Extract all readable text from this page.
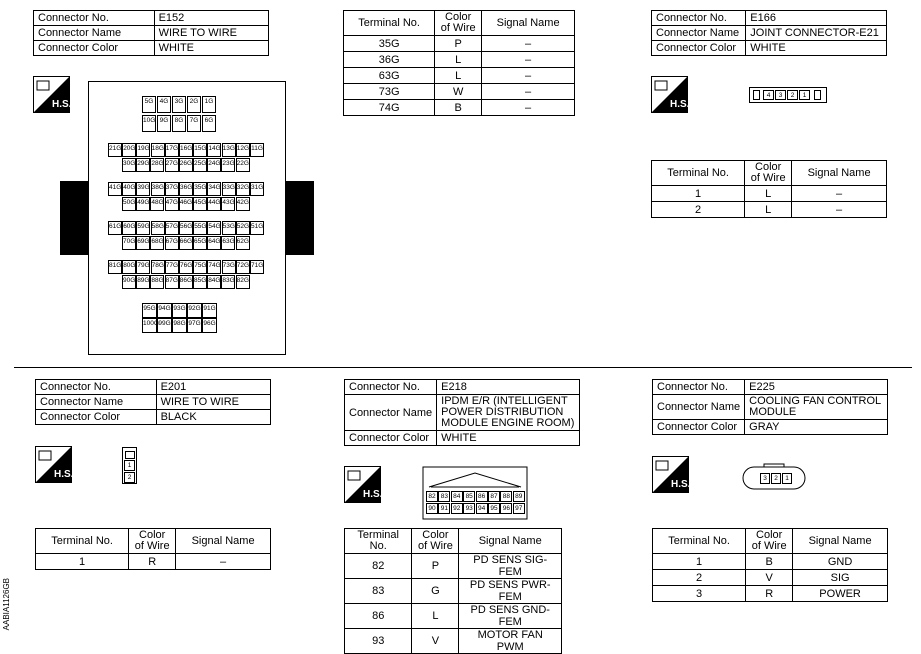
Connector No.	E152
Connector Name	WIRE TO WIRE
Connector Color	WHITE
H.S.	5G 4G 3G 2G 1G
10G 9G 8G 7G 6G
21G 20G 19G 18G 17G 16G 15G 14G 13G 12G 11G
30G 29G 28G 27G 26G 25G 24G 23G 22G
41G 40G 39G 38G 37G 36G 35G 34G 33G 32G 31G
50G 49G 48G 47G 46G 45G 44G 43G 42G
61G 60G 59G 58G 57G 56G 55G 54G 53G 52G 51G
70G 69G 68G 67G 66G 65G 64G 63G 62G
81G 80G 79G 78G 77G 76G 75G 74G 73G 72G 71G
90G 89G 88G 87G 86G 85G 84G 83G 82G
95G 94G 93G 92G 91G
100G 99G 98G 97G 96G
Terminal No.	Color of Wire	Signal Name
35G	P	–
36G	L	–
63G	L	–
73G	W	–
74G	B	–
Connector No.	E166
Connector Name	JOINT CONNECTOR-E21
Connector Color	WHITE
H.S.
4	3	2	1
Terminal No.	Color of Wire	Signal Name
1	L	–
2	L	–
AABIA1126GB
Connector No.	E201
Connector Name	WIRE TO WIRE
Connector Color	BLACK
H.S.
1
2
Terminal No.	Color of Wire	Signal Name
1	R	–
Connector No.	E218
Connector Name	IPDM E/R (INTELLIGENT POWER DISTRIBUTION MODULE ENGINE ROOM)
Connector Color	WHITE
H.S.	82 83 84 85 86 87 88 89
90 91 92 93 94 95 96 97
Terminal No.	Color of Wire	Signal Name
82	P	PD SENS SIG-FEM
83	G	PD SENS PWR-FEM
86	L	PD SENS GND-FEM
93	V	MOTOR FAN PWM
Connector No.	E225
Connector Name	COOLING FAN CONTROL MODULE
Connector Color	GRAY
H.S.
3	2	1
Terminal No.	Color of Wire	Signal Name
1	B	GND
2	V	SIG
3	R	POWER
